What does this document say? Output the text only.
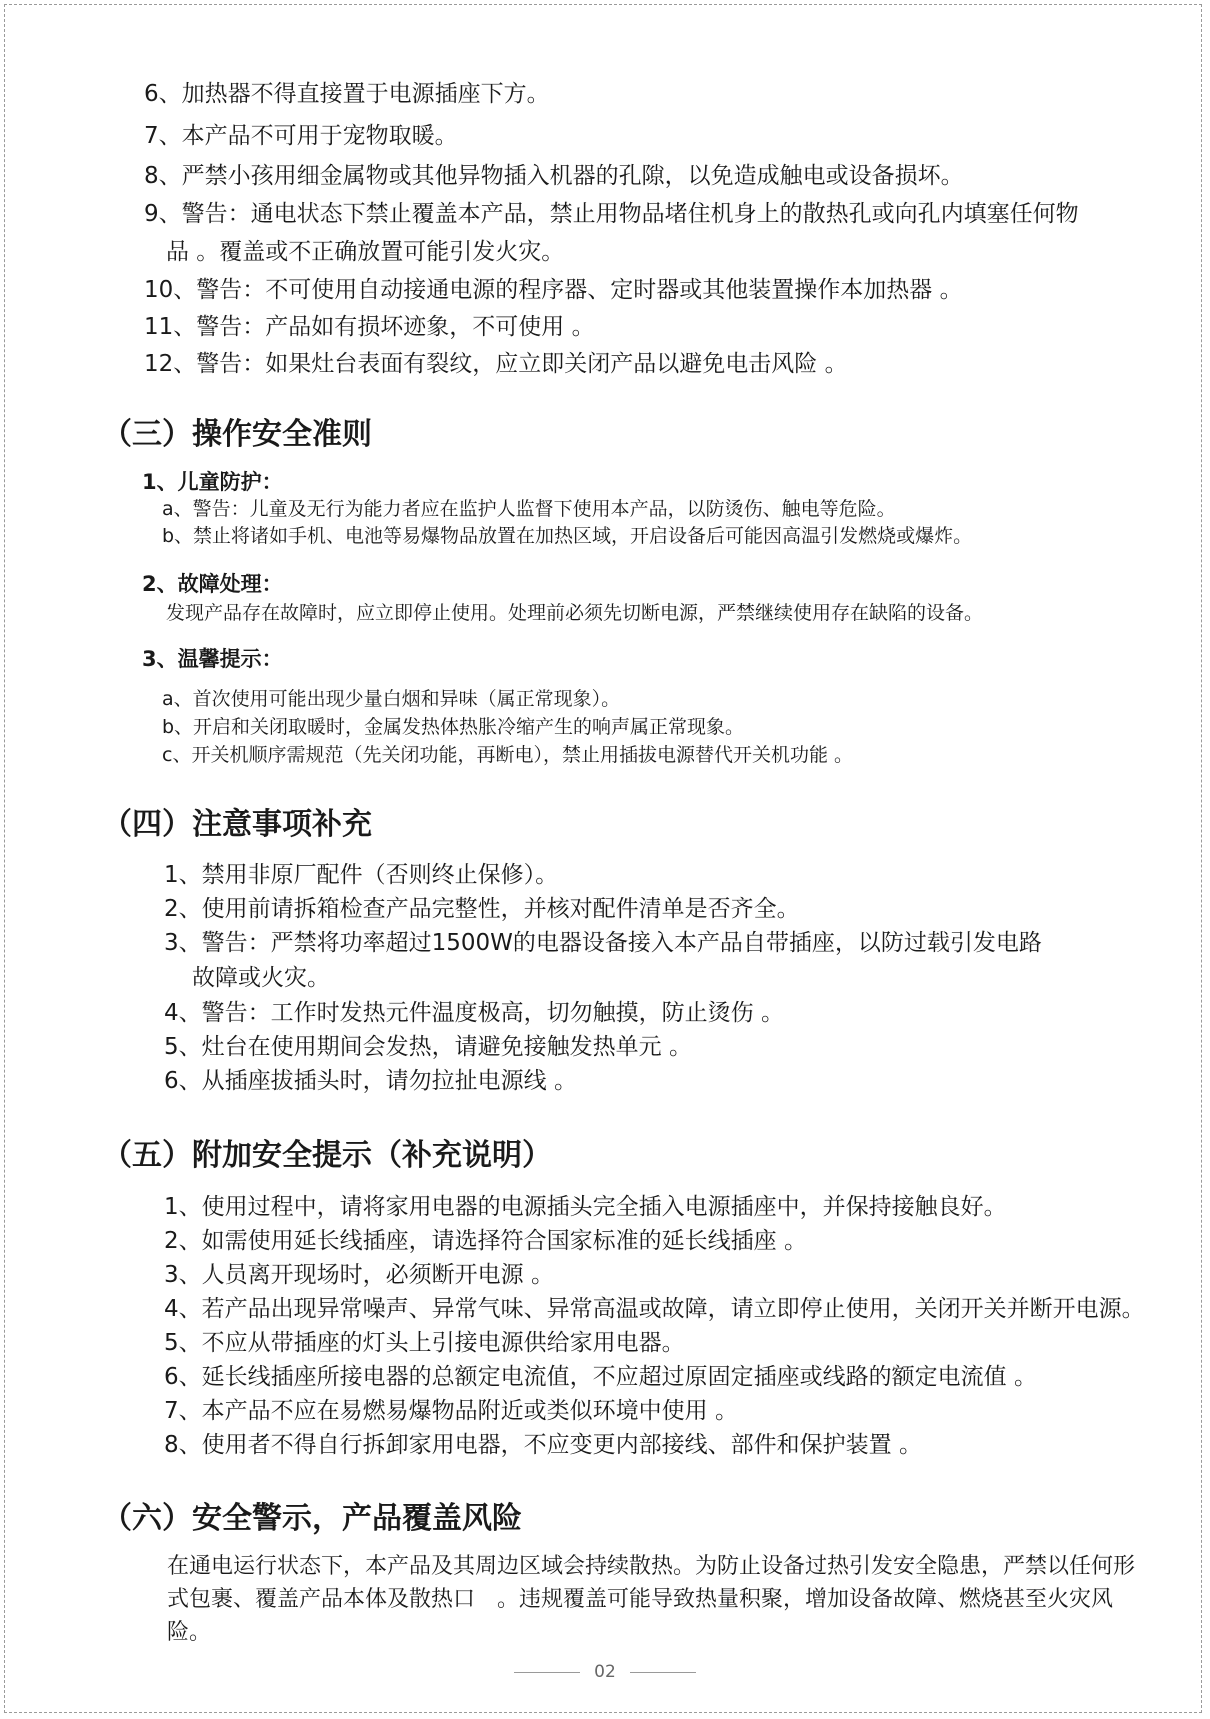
6、加热器不得直接置于电源插座下方。
7、本产品不可用于宠物取暖。
8、严禁小孩用细金属物或其他异物插入机器的孔隙，以免造成触电或设备损坏。
9、警告：通电状态下禁止覆盖本产品，禁止用物品堵住机身上的散热孔或向孔内填塞任何物
品 。覆盖或不正确放置可能引发火灾。
10、警告：不可使用自动接通电源的程序器、定时器或其他装置操作本加热器 。
11、警告：产品如有损坏迹象，不可使用 。
12、警告：如果灶台表面有裂纹，应立即关闭产品以避免电击风险 。
（三）操作安全准则
1、儿童防护：
a、警告：儿童及无行为能力者应在监护人监督下使用本产品，以防烫伤、触电等危险。
b、禁止将诸如手机、电池等易爆物品放置在加热区域，开启设备后可能因高温引发燃烧或爆炸。
2、故障处理：
发现产品存在故障时，应立即停止使用。处理前必须先切断电源，严禁继续使用存在缺陷的设备。
3、温馨提示：
a、首次使用可能出现少量白烟和异味（属正常现象）。
b、开启和关闭取暖时，金属发热体热胀冷缩产生的响声属正常现象。
c、开关机顺序需规范（先关闭功能，再断电），禁止用插拔电源替代开关机功能 。
（四）注意事项补充
1、禁用非原厂配件（否则终止保修）。
2、使用前请拆箱检查产品完整性，并核对配件清单是否齐全。
3、警告：严禁将功率超过1500W的电器设备接入本产品自带插座，以防过载引发电路
故障或火灾。
4、警告：工作时发热元件温度极高，切勿触摸，防止烫伤 。
5、灶台在使用期间会发热，请避免接触发热单元 。
6、从插座拔插头时，请勿拉扯电源线 。
（五）附加安全提示（补充说明）
1、使用过程中，请将家用电器的电源插头完全插入电源插座中，并保持接触良好。
2、如需使用延长线插座，请选择符合国家标准的延长线插座 。
3、人员离开现场时，必须断开电源 。
4、若产品出现异常噪声、异常气味、异常高温或故障，请立即停止使用，关闭开关并断开电源。
5、不应从带插座的灯头上引接电源供给家用电器。
6、延长线插座所接电器的总额定电流值，不应超过原固定插座或线路的额定电流值 。
7、本产品不应在易燃易爆物品附近或类似环境中使用 。
8、使用者不得自行拆卸家用电器，不应变更内部接线、部件和保护装置 。
（六）安全警示，产品覆盖风险
在通电运行状态下，本产品及其周边区域会持续散热。为防止设备过热引发安全隐患，严禁以任何形式包裹、覆盖产品本体及散热口　。违规覆盖可能导致热量积聚，增加设备故障、燃烧甚至火灾风险。
02
